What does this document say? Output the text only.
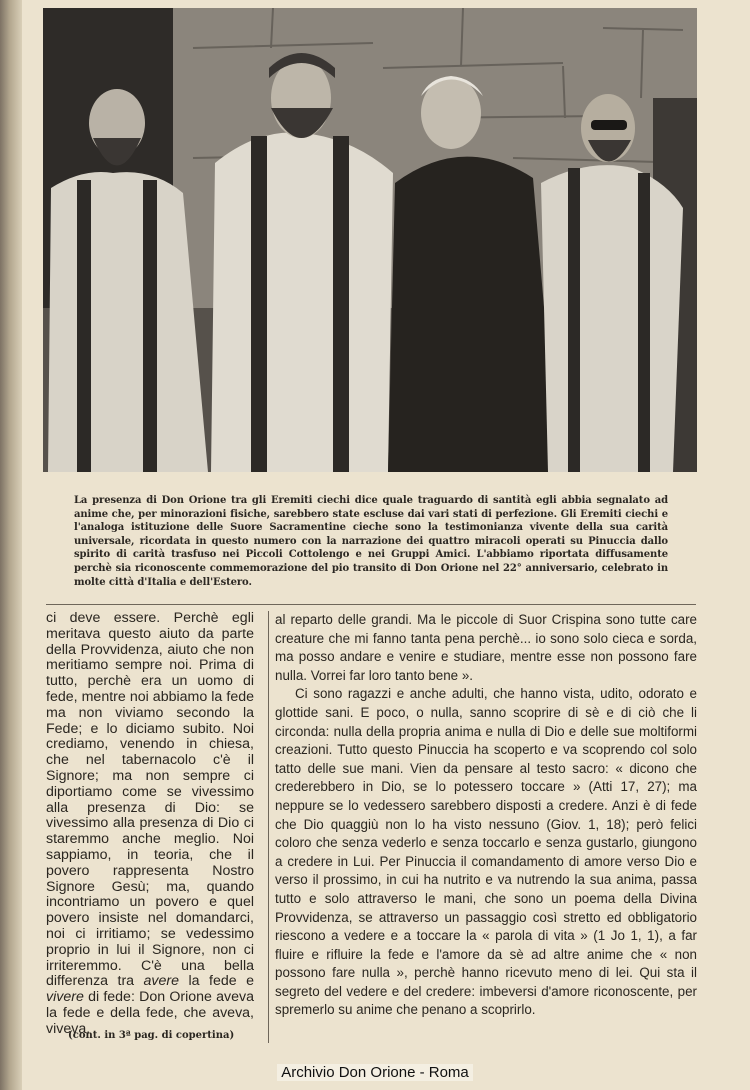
La presenza di Don Orione tra gli Eremiti ciechi dice quale traguardo di santità egli abbia segnalato ad anime che, per minorazioni fisiche, sarebbero state escluse dai vari stati di perfezione. Gli Eremiti ciechi e l'analoga istituzione delle Suore Sacramentine cieche sono la testimonianza vivente della sua carità universale, ricordata in questo numero con la narrazione dei quattro miracoli operati su Pinuccia dallo spirito di carità trasfuso nei Piccoli Cottolengo e nei Gruppi Amici. L'abbiamo riportata diffusamente perchè sia riconoscente commemorazione del pio transito di Don Orione nel 22° anniversario, celebrato in molte città d'Italia e dell'Estero.
ci deve essere. Perchè egli meritava questo aiuto da parte della Provvidenza, aiuto che non meritiamo sempre noi. Prima di tutto, perchè era un uomo di fede, mentre noi abbiamo la fede ma non viviamo secondo la Fede; e lo diciamo subito. Noi crediamo, venendo in chiesa, che nel tabernacolo c'è il Signore; ma non sempre ci diportiamo come se vivessimo alla presenza di Dio: se vivessimo alla presenza di Dio ci staremmo anche meglio. Noi sappiamo, in teoria, che il povero rappresenta Nostro Signore Gesù; ma, quando incontriamo un povero e quel povero insiste nel domandarci, noi ci irritiamo; se vedessimo proprio in lui il Signore, non ci irriteremmo. C'è una bella differenza tra avere la fede e vivere di fede: Don Orione aveva la fede e della fede, che aveva, viveva.

al reparto delle grandi. Ma le piccole di Suor Crispina sono tutte care creature che mi fanno tanta pena perchè... io sono solo cieca e sorda, ma posso andare e venire e studiare, mentre esse non possono fare nulla. Vorrei far loro tanto bene ».

Ci sono ragazzi e anche adulti, che hanno vista, udito, odorato e glottide sani. E poco, o nulla, sanno scoprire di sè e di ciò che li circonda: nulla della propria anima e nulla di Dio e delle sue moltiformi creazioni. Tutto questo Pinuccia ha scoperto e va scoprendo col solo tatto delle sue mani. Vien da pensare al testo sacro: « dicono che crederebbero in Dio, se lo potessero toccare » (Atti 17, 27); ma neppure se lo vedessero sarebbero disposti a credere. Anzi è di fede che Dio quaggiù non lo ha visto nessuno (Giov. 1, 18); però felici coloro che senza vederlo e senza toccarlo e senza gustarlo, giungono a credere in Lui. Per Pinuccia il comandamento di amore verso Dio e verso il prossimo, in cui ha nutrito e va nutrendo la sua anima, passa tutto e solo attraverso le mani, che sono un poema della Divina Provvidenza, se attraverso un passaggio così stretto ed obbligatorio riescono a vedere e a toccare la « parola di vita » (1 Jo 1, 1), a far fluire e rifluire la fede e l'amore da sè ad altre anime che « non possono fare nulla », perchè hanno ricevuto meno di lei. Qui sta il segreto del vedere e del credere: imbeversi d'amore riconoscente, per spremerlo su anime che penano a scoprirlo.

(cont. in 3ª pag. di copertina)
Archivio Don Orione - Roma
